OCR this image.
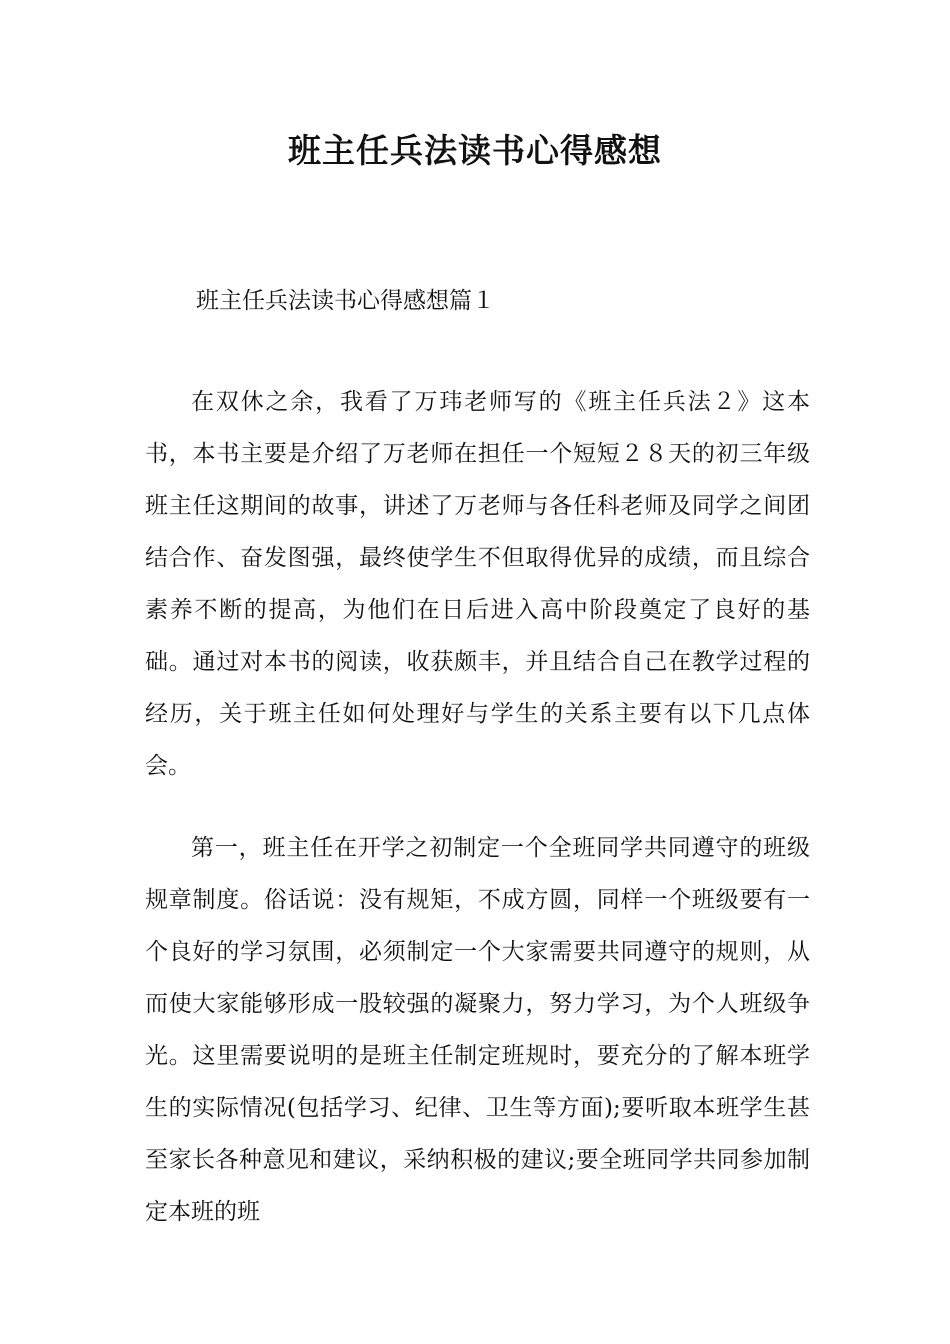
班主任兵法读书心得感想

班主任兵法读书心得感想篇１

在双休之余，我看了万玮老师写的《班主任兵法２》这本书，本书主要是介绍了万老师在担任一个短短２８天的初三年级班主任这期间的故事，讲述了万老师与各任科老师及同学之间团结合作、奋发图强，最终使学生不但取得优异的成绩，而且综合素养不断的提高，为他们在日后进入高中阶段奠定了良好的基础。通过对本书的阅读，收获颇丰，并且结合自己在教学过程的经历，关于班主任如何处理好与学生的关系主要有以下几点体会。

第一，班主任在开学之初制定一个全班同学共同遵守的班级规章制度。俗话说：没有规矩，不成方圆，同样一个班级要有一个良好的学习氛围，必须制定一个大家需要共同遵守的规则，从而使大家能够形成一股较强的凝聚力，努力学习，为个人班级争光。这里需要说明的是班主任制定班规时，要充分的了解本班学生的实际情况(包括学习、纪律、卫生等方面);要听取本班学生甚至家长各种意见和建议，采纳积极的建议;要全班同学共同参加制定本班的班
